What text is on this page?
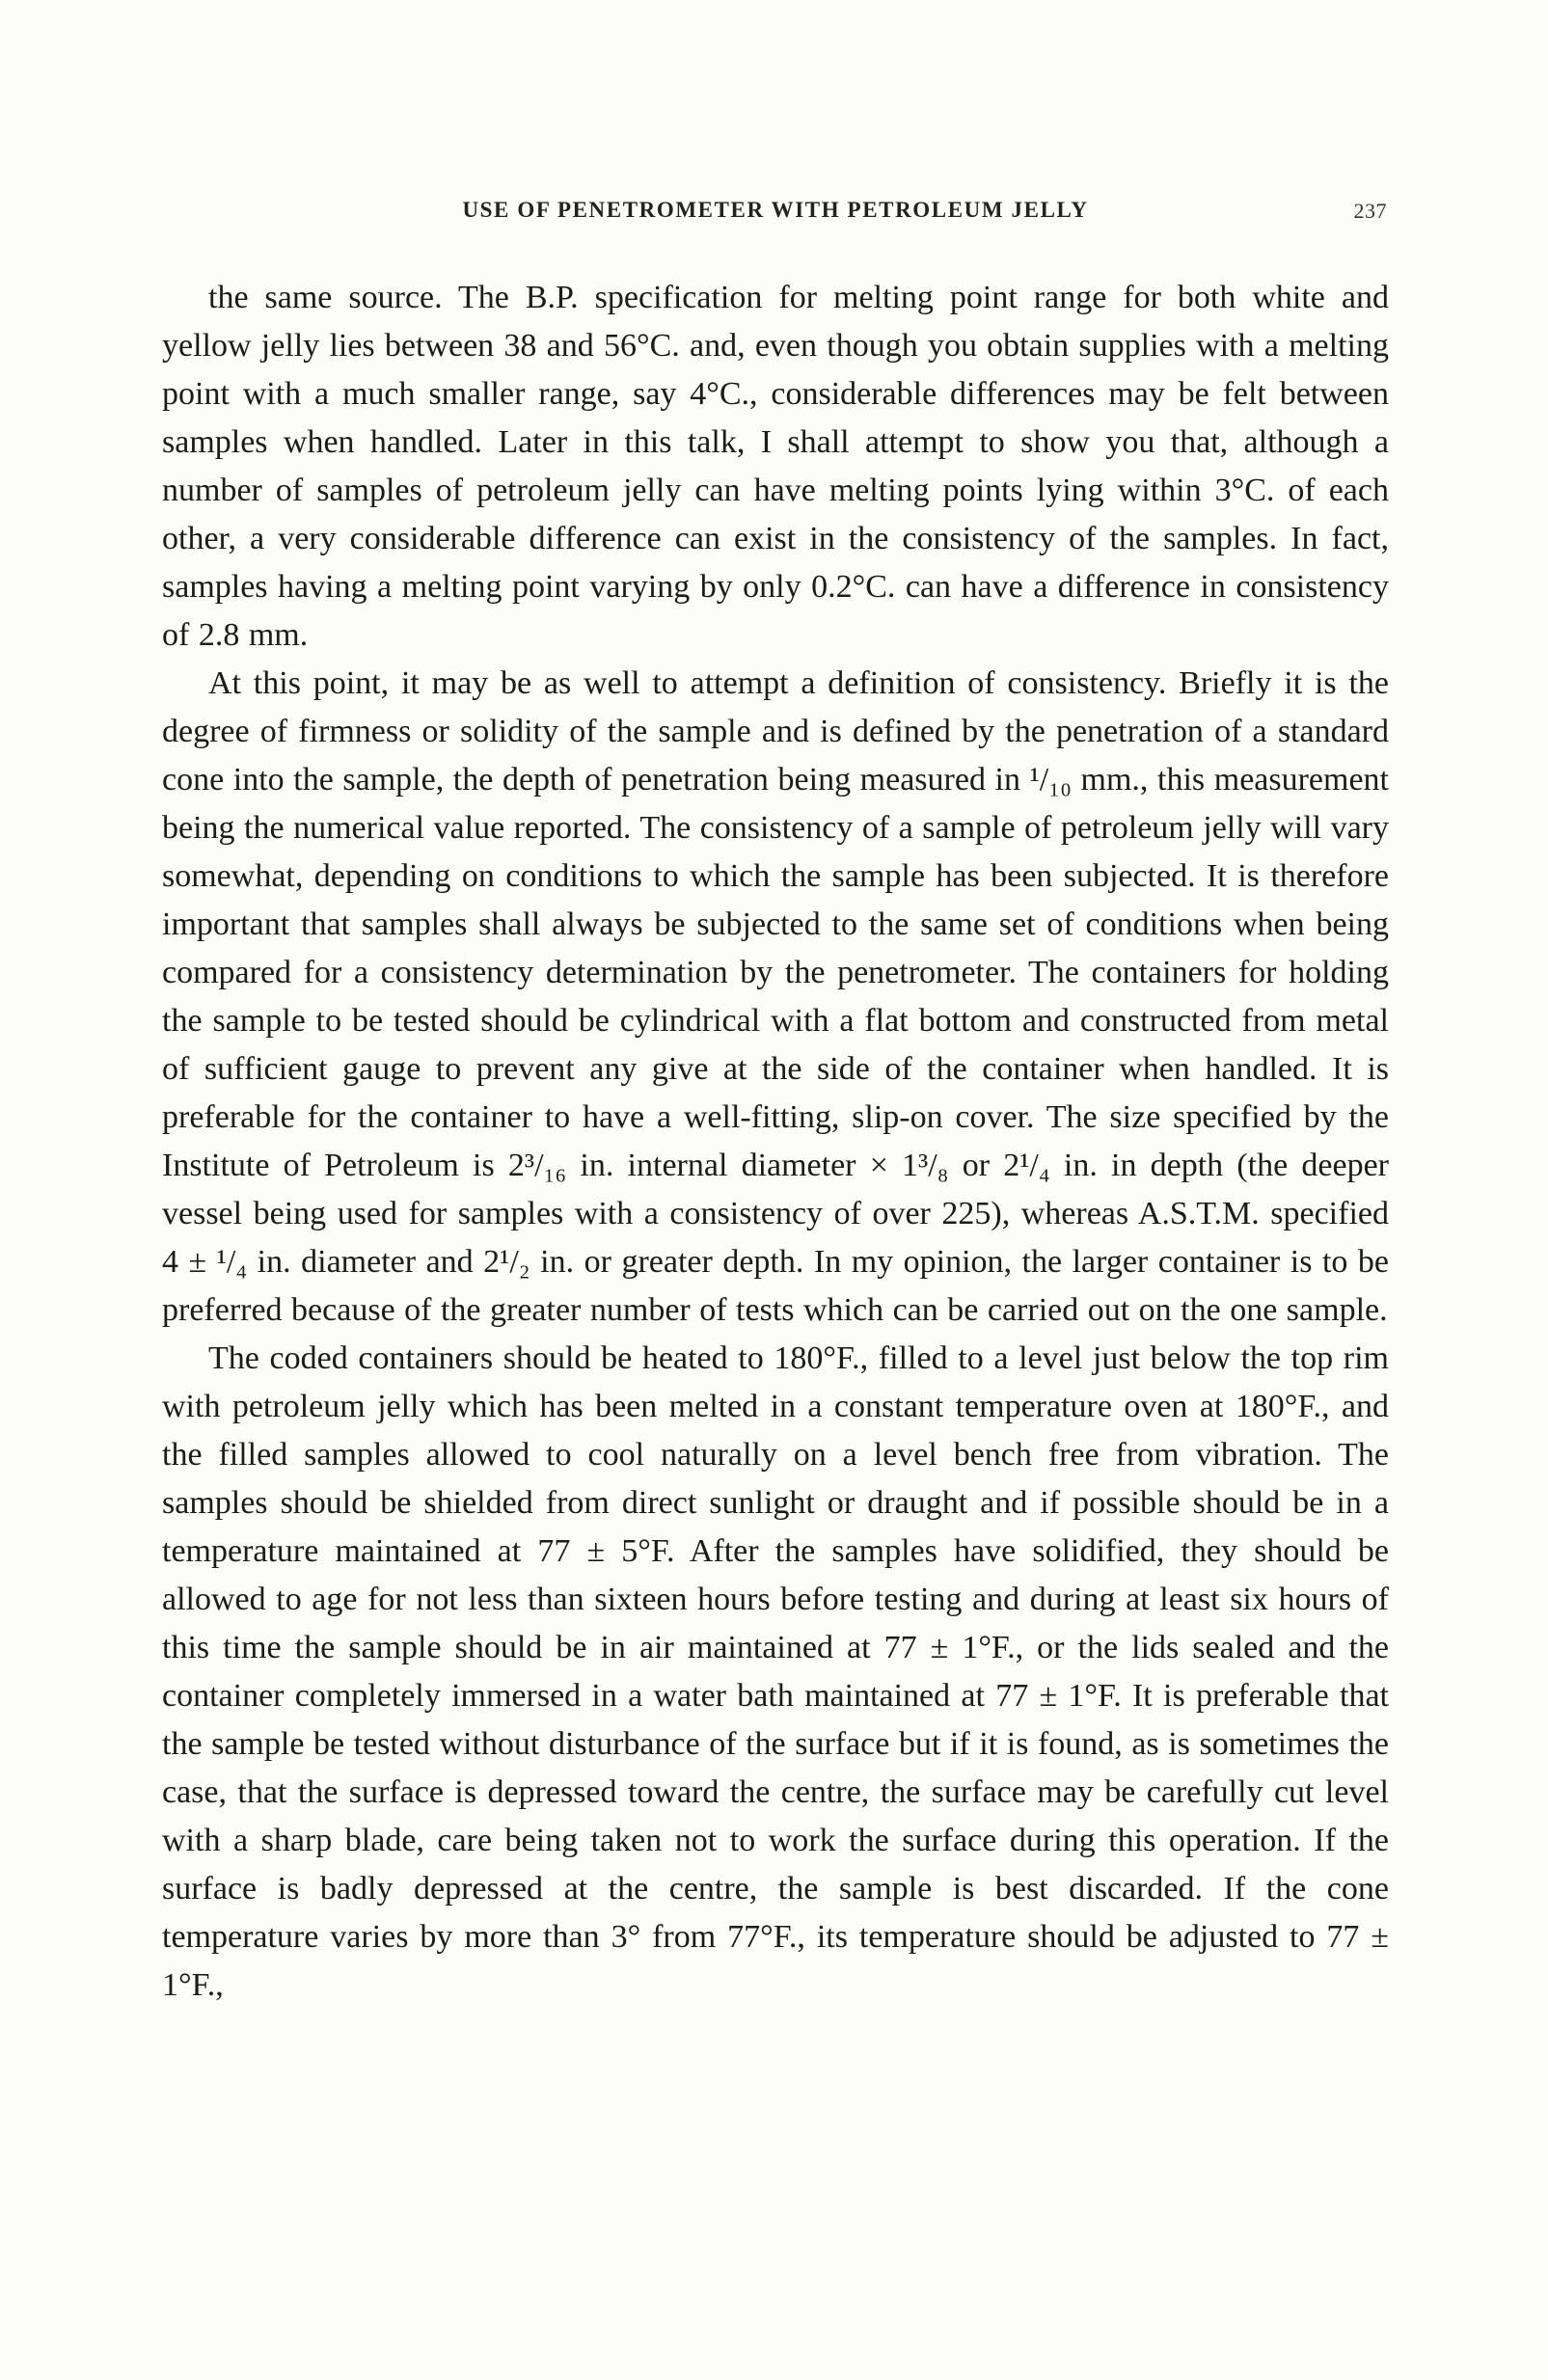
USE OF PENETROMETER WITH PETROLEUM JELLY	237

the same source. The B.P. specification for melting point range for both white and yellow jelly lies between 38 and 56°C. and, even though you obtain supplies with a melting point with a much smaller range, say 4°C., considerable differences may be felt between samples when handled. Later in this talk, I shall attempt to show you that, although a number of samples of petroleum jelly can have melting points lying within 3°C. of each other, a very considerable difference can exist in the consistency of the samples. In fact, samples having a melting point varying by only 0.2°C. can have a difference in consistency of 2.8 mm.

At this point, it may be as well to attempt a definition of consistency. Briefly it is the degree of firmness or solidity of the sample and is defined by the penetration of a standard cone into the sample, the depth of penetration being measured in ¹/₁₀ mm., this measurement being the numerical value reported. The consistency of a sample of petroleum jelly will vary somewhat, depending on conditions to which the sample has been subjected. It is therefore important that samples shall always be subjected to the same set of conditions when being compared for a consistency determination by the penetrometer. The containers for holding the sample to be tested should be cylindrical with a flat bottom and constructed from metal of sufficient gauge to prevent any give at the side of the container when handled. It is preferable for the container to have a well-fitting, slip-on cover. The size specified by the Institute of Petroleum is 2³/₁₆ in. internal diameter × 1³/₈ or 2¹/₄ in. in depth (the deeper vessel being used for samples with a consistency of over 225), whereas A.S.T.M. specified 4 ± ¹/₄ in. diameter and 2¹/₂ in. or greater depth. In my opinion, the larger container is to be preferred because of the greater number of tests which can be carried out on the one sample.

The coded containers should be heated to 180°F., filled to a level just below the top rim with petroleum jelly which has been melted in a constant temperature oven at 180°F., and the filled samples allowed to cool naturally on a level bench free from vibration. The samples should be shielded from direct sunlight or draught and if possible should be in a temperature maintained at 77 ± 5°F. After the samples have solidified, they should be allowed to age for not less than sixteen hours before testing and during at least six hours of this time the sample should be in air maintained at 77 ± 1°F., or the lids sealed and the container completely immersed in a water bath maintained at 77 ± 1°F. It is preferable that the sample be tested without disturbance of the surface but if it is found, as is sometimes the case, that the surface is depressed toward the centre, the surface may be carefully cut level with a sharp blade, care being taken not to work the surface during this operation. If the surface is badly depressed at the centre, the sample is best discarded. If the cone temperature varies by more than 3° from 77°F., its temperature should be adjusted to 77 ± 1°F.,
